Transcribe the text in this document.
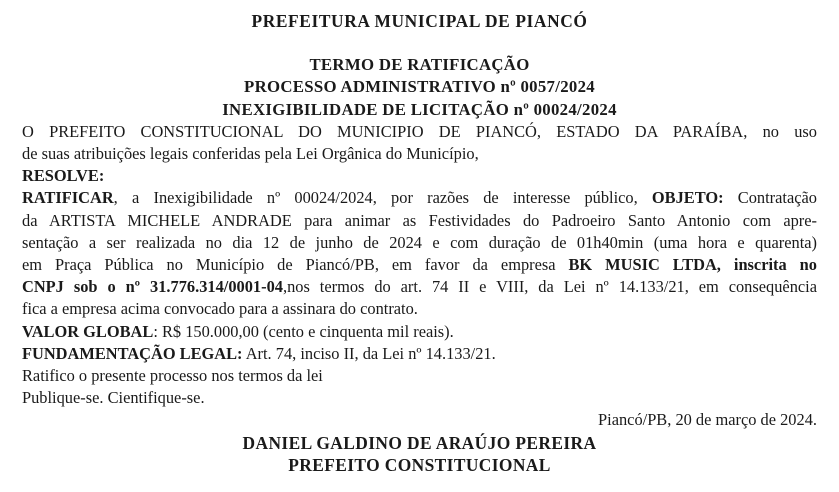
PREFEITURA MUNICIPAL DE PIANCÓ
TERMO DE RATIFICAÇÃO
PROCESSO ADMINISTRATIVO nº 0057/2024
INEXIGIBILIDADE DE LICITAÇÃO nº 00024/2024
O PREFEITO CONSTITUCIONAL DO MUNICIPIO DE PIANCÓ, ESTADO DA PARAÍBA, no uso
de suas atribuições legais conferidas pela Lei Orgânica do Município,
RESOLVE:
RATIFICAR, a Inexigibilidade nº 00024/2024, por razões de interesse público, OBJETO: Contratação
da ARTISTA MICHELE ANDRADE para animar as Festividades do Padroeiro Santo Antonio com apre-
sentação a ser realizada no dia 12 de junho de 2024 e com duração de 01h40min (uma hora e quarenta)
em Praça Pública no Município de Piancó/PB, em favor da empresa BK MUSIC LTDA, inscrita no
CNPJ sob o nº 31.776.314/0001-04,nos termos do art. 74 II e VIII, da Lei nº 14.133/21, em consequência
fica a empresa acima convocado para a assinara do contrato.
VALOR GLOBAL: R$ 150.000,00 (cento e cinquenta mil reais).
FUNDAMENTAÇÃO LEGAL: Art. 74, inciso II, da Lei nº 14.133/21.
Ratifico o presente processo nos termos da lei
Publique-se. Cientifique-se.
Piancó/PB, 20 de março de 2024.
DANIEL GALDINO DE ARAÚJO PEREIRA
PREFEITO CONSTITUCIONAL
